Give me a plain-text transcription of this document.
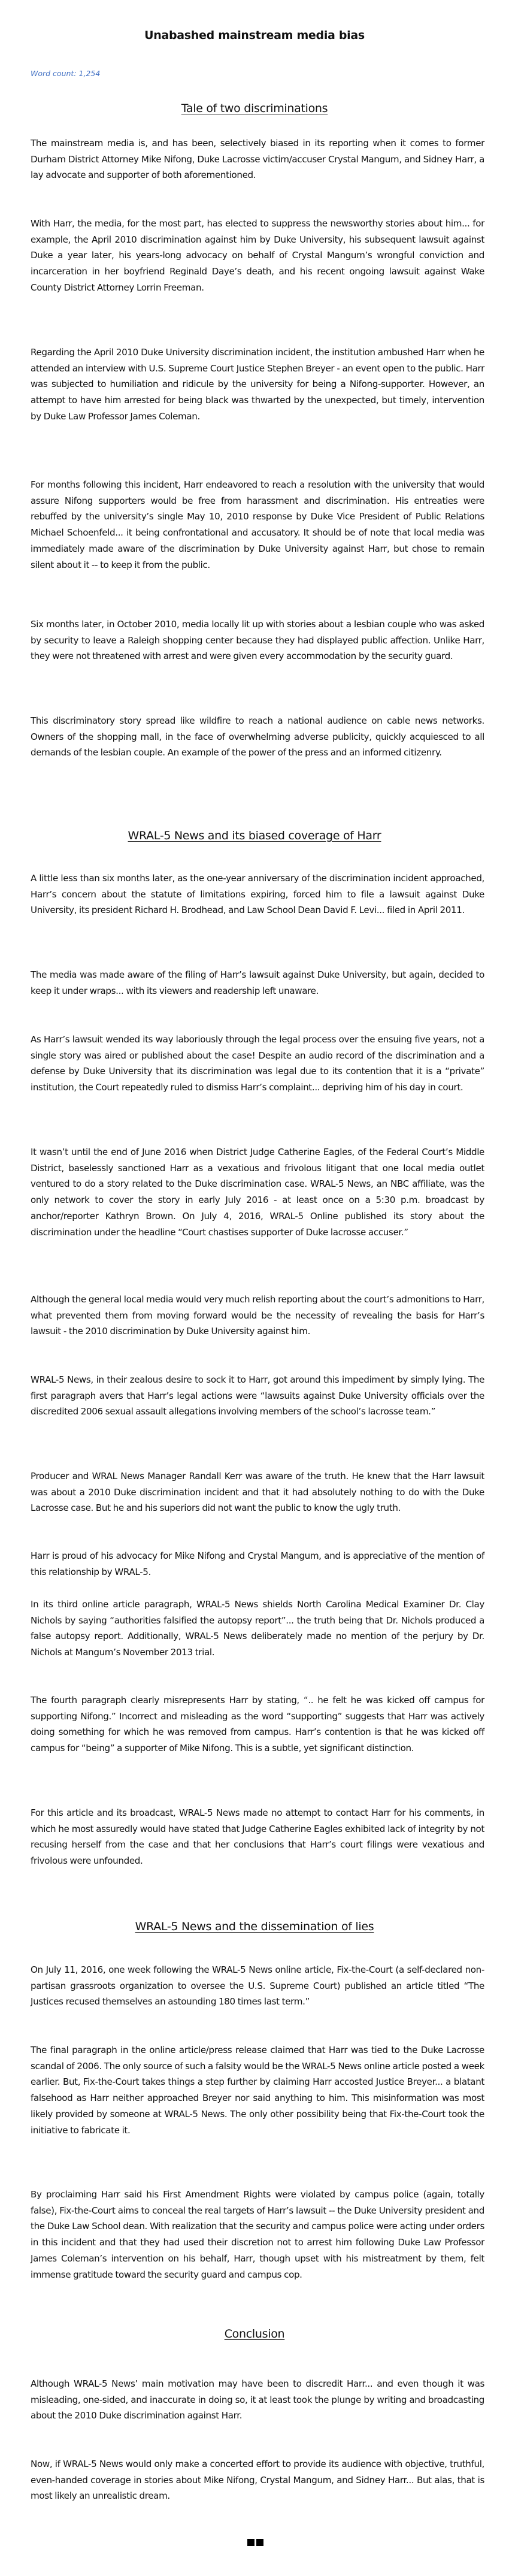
Unabashed mainstream media bias
Word count: 1,254
Tale of two discriminations

The mainstream media is, and has been, selectively biased in its reporting when it comes to former Durham District Attorney Mike Nifong, Duke Lacrosse victim/accuser Crystal Mangum, and Sidney Harr, a lay advocate and supporter of both aforementioned.

With Harr, the media, for the most part, has elected to suppress the newsworthy stories about him... for example, the April 2010 discrimination against him by Duke University, his subsequent lawsuit against Duke a year later, his years-long advocacy on behalf of Crystal Mangum’s wrongful conviction and incarceration in her boyfriend Reginald Daye’s death, and his recent ongoing lawsuit against Wake County District Attorney Lorrin Freeman.

Regarding the April 2010 Duke University discrimination incident, the institution ambushed Harr when he attended an interview with U.S. Supreme Court Justice Stephen Breyer - an event open to the public. Harr was subjected to humiliation and ridicule by the university for being a Nifong-supporter. However, an attempt to have him arrested for being black was thwarted by the unexpected, but timely, intervention by Duke Law Professor James Coleman.

For months following this incident, Harr endeavored to reach a resolution with the university that would assure Nifong supporters would be free from harassment and discrimination. His entreaties were rebuffed by the university’s single May 10, 2010 response by Duke Vice President of Public Relations Michael Schoenfeld... it being confrontational and accusatory. It should be of note that local media was immediately made aware of the discrimination by Duke University against Harr, but chose to remain silent about it -- to keep it from the public.

Six months later, in October 2010, media locally lit up with stories about a lesbian couple who was asked by security to leave a Raleigh shopping center because they had displayed public affection. Unlike Harr, they were not threatened with arrest and were given every accommodation by the security guard.

This discriminatory story spread like wildfire to reach a national audience on cable news networks. Owners of the shopping mall, in the face of overwhelming adverse publicity, quickly acquiesced to all demands of the lesbian couple. An example of the power of the press and an informed citizenry.

WRAL-5 News and its biased coverage of Harr

A little less than six months later, as the one-year anniversary of the discrimination incident approached, Harr’s concern about the statute of limitations expiring, forced him to file a lawsuit against Duke University, its president Richard H. Brodhead, and Law School Dean David F. Levi... filed in April 2011.

The media was made aware of the filing of Harr’s lawsuit against Duke University, but again, decided to keep it under wraps... with its viewers and readership left unaware.

As Harr’s lawsuit wended its way laboriously through the legal process over the ensuing five years, not a single story was aired or published about the case! Despite an audio record of the discrimination and a defense by Duke University that its discrimination was legal due to its contention that it is a “private” institution, the Court repeatedly ruled to dismiss Harr’s complaint... depriving him of his day in court.

It wasn’t until the end of June 2016 when District Judge Catherine Eagles, of the Federal Court’s Middle District, baselessly sanctioned Harr as a vexatious and frivolous litigant that one local media outlet ventured to do a story related to the Duke discrimination case. WRAL-5 News, an NBC affiliate, was the only network to cover the story in early July 2016 - at least once on a 5:30 p.m. broadcast by anchor/reporter Kathryn Brown. On July 4, 2016, WRAL-5 Online published its story about the discrimination under the headline “Court chastises supporter of Duke lacrosse accuser.”

Although the general local media would very much relish reporting about the court’s admonitions to Harr, what prevented them from moving forward would be the necessity of revealing the basis for Harr’s lawsuit - the 2010 discrimination by Duke University against him.

WRAL-5 News, in their zealous desire to sock it to Harr, got around this impediment by simply lying. The first paragraph avers that Harr’s legal actions were “lawsuits against Duke University officials over the discredited 2006 sexual assault allegations involving members of the school’s lacrosse team.”

Producer and WRAL News Manager Randall Kerr was aware of the truth. He knew that the Harr lawsuit was about a 2010 Duke discrimination incident and that it had absolutely nothing to do with the Duke Lacrosse case. But he and his superiors did not want the public to know the ugly truth.

Harr is proud of his advocacy for Mike Nifong and Crystal Mangum, and is appreciative of the mention of this relationship by WRAL-5.

In its third online article paragraph, WRAL-5 News shields North Carolina Medical Examiner Dr. Clay Nichols by saying “authorities falsified the autopsy report”... the truth being that Dr. Nichols produced a false autopsy report. Additionally, WRAL-5 News deliberately made no mention of the perjury by Dr. Nichols at Mangum’s November 2013 trial.

The fourth paragraph clearly misrepresents Harr by stating, “.. he felt he was kicked off campus for supporting Nifong.” Incorrect and misleading as the word “supporting” suggests that Harr was actively doing something for which he was removed from campus. Harr’s contention is that he was kicked off campus for “being” a supporter of Mike Nifong. This is a subtle, yet significant distinction.

For this article and its broadcast, WRAL-5 News made no attempt to contact Harr for his comments, in which he most assuredly would have stated that Judge Catherine Eagles exhibited lack of integrity by not recusing herself from the case and that her conclusions that Harr’s court filings were vexatious and frivolous were unfounded.

WRAL-5 News and the dissemination of lies

On July 11, 2016, one week following the WRAL-5 News online article, Fix-the-Court (a self-declared non-partisan grassroots organization to oversee the U.S. Supreme Court) published an article titled “The Justices recused themselves an astounding 180 times last term.”

The final paragraph in the online article/press release claimed that Harr was tied to the Duke Lacrosse scandal of 2006. The only source of such a falsity would be the WRAL-5 News online article posted a week earlier. But, Fix-the-Court takes things a step further by claiming Harr accosted Justice Breyer... a blatant falsehood as Harr neither approached Breyer nor said anything to him. This misinformation was most likely provided by someone at WRAL-5 News. The only other possibility being that Fix-the-Court took the initiative to fabricate it.

By proclaiming Harr said his First Amendment Rights were violated by campus police (again, totally false), Fix-the-Court aims to conceal the real targets of Harr’s lawsuit -- the Duke University president and the Duke Law School dean. With realization that the security and campus police were acting under orders in this incident and that they had used their discretion not to arrest him following Duke Law Professor James Coleman’s intervention on his behalf, Harr, though upset with his mistreatment by them, felt immense gratitude toward the security guard and campus cop.

Conclusion

Although WRAL-5 News’ main motivation may have been to discredit Harr... and even though it was misleading, one-sided, and inaccurate in doing so, it at least took the plunge by writing and broadcasting about the 2010 Duke discrimination against Harr.

Now, if WRAL-5 News would only make a concerted effort to provide its audience with objective, truthful, even-handed coverage in stories about Mike Nifong, Crystal Mangum, and Sidney Harr... But alas, that is most likely an unrealistic dream.
